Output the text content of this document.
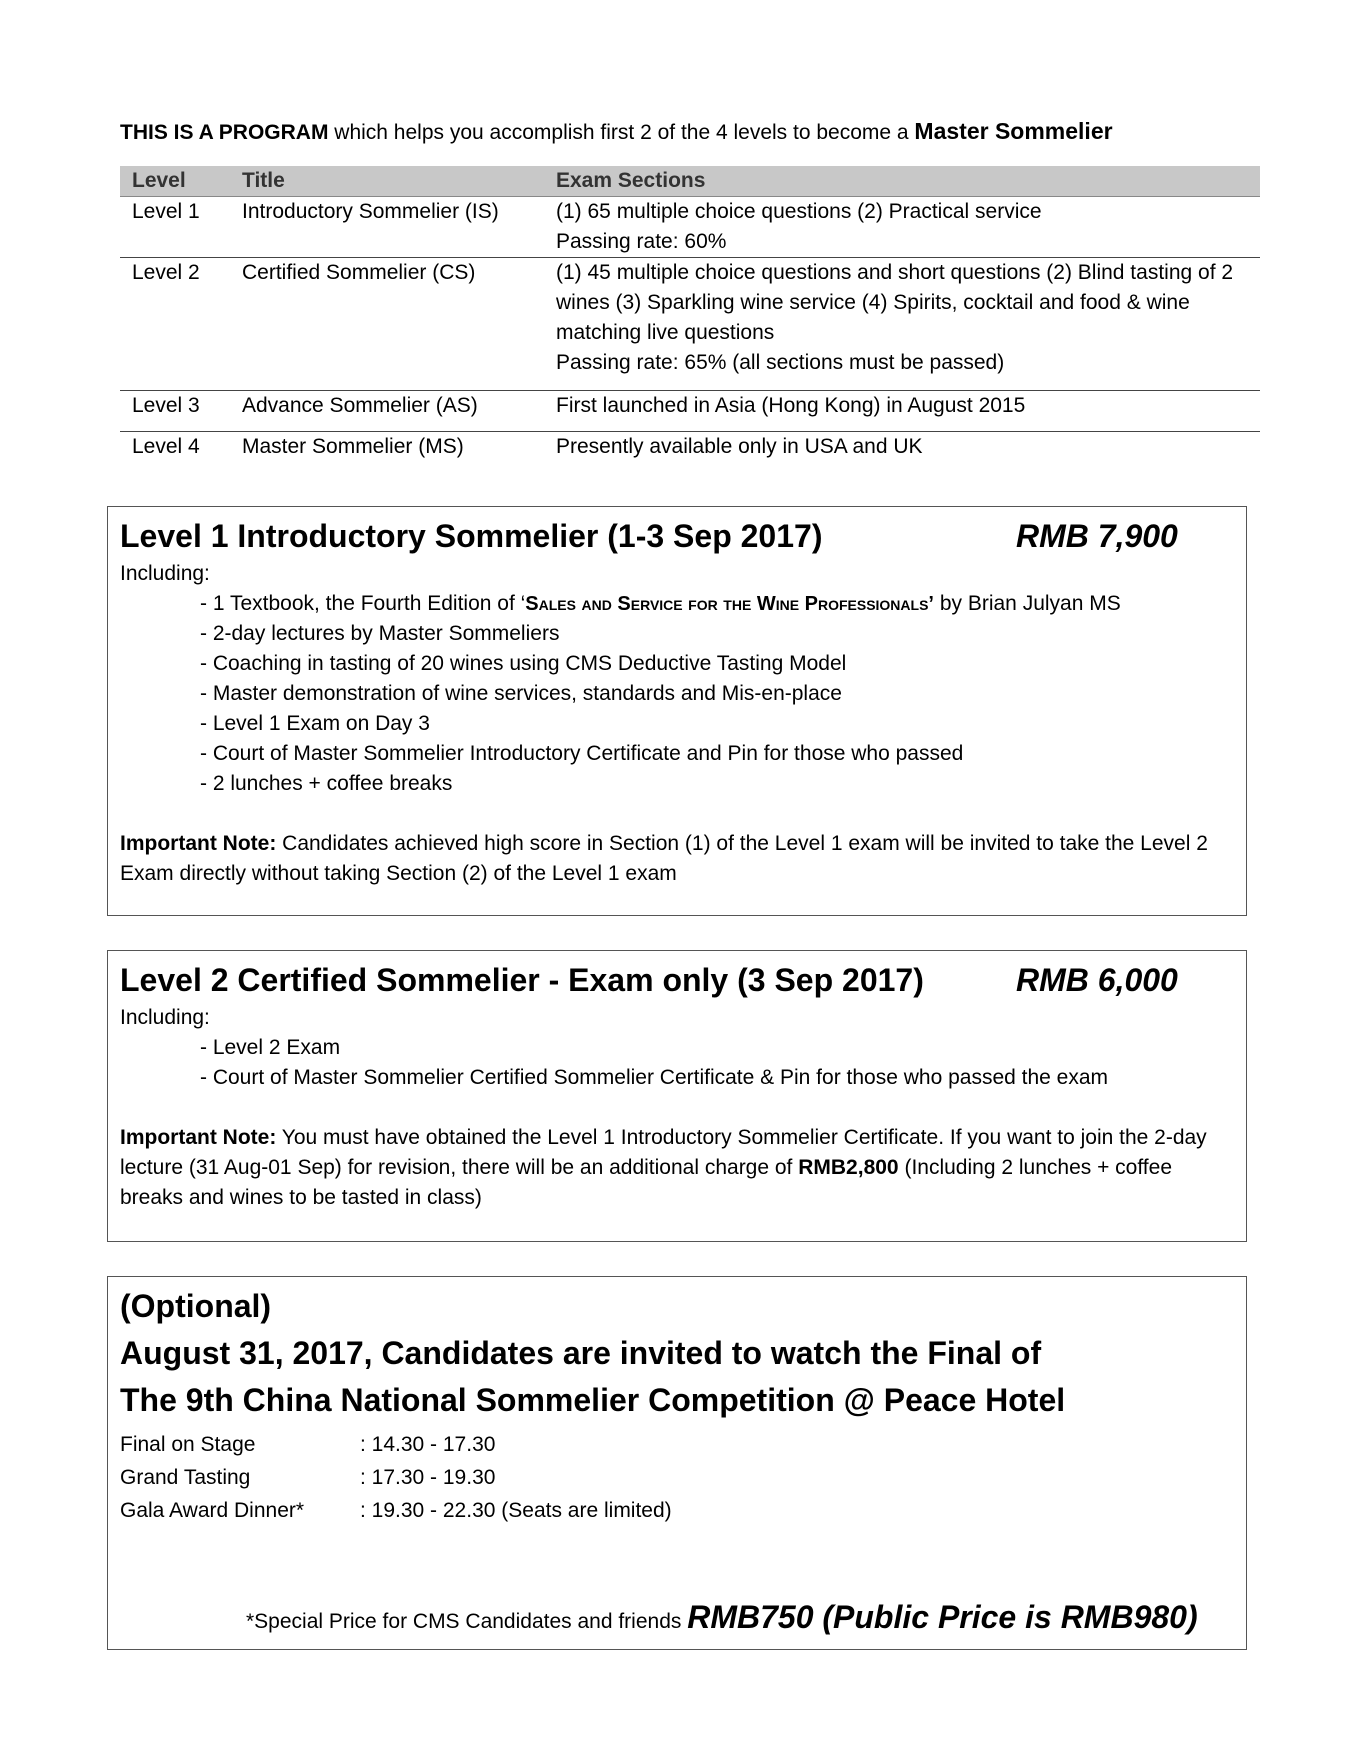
THIS IS A PROGRAM which helps you accomplish first 2 of the 4 levels to become a Master Sommelier
Level	Title	Exam Sections
Level 1	Introductory Sommelier (IS)	(1) 65 multiple choice questions (2) Practical service
Passing rate: 60%

Level 2	Certified Sommelier (CS)	(1) 45 multiple choice questions and short questions (2) Blind tasting of 2 wines (3) Sparkling wine service (4) Spirits, cocktail and food & wine matching live questions
Passing rate: 65% (all sections must be passed)

Level 3	Advance Sommelier (AS)	First launched in Asia (Hong Kong) in August 2015

Level 4	Master Sommelier (MS)	Presently available only in USA and UK
Level 1 Introductory Sommelier (1-3 Sep 2017)	RMB 7,900
Including:
- 1 Textbook, the Fourth Edition of ‘Sales and Service for the Wine Professionals’ by Brian Julyan MS
- 2-day lectures by Master Sommeliers
- Coaching in tasting of 20 wines using CMS Deductive Tasting Model
- Master demonstration of wine services, standards and Mis-en-place
- Level 1 Exam on Day 3
- Court of Master Sommelier Introductory Certificate and Pin for those who passed
- 2 lunches + coffee breaks
Important Note: Candidates achieved high score in Section (1) of the Level 1 exam will be invited to take the Level 2 Exam directly without taking Section (2) of the Level 1 exam
Level 2 Certified Sommelier - Exam only (3 Sep 2017)	RMB 6,000
Including:
- Level 2 Exam
- Court of Master Sommelier Certified Sommelier Certificate & Pin for those who passed the exam
Important Note: You must have obtained the Level 1 Introductory Sommelier Certificate. If you want to join the 2-day lecture (31 Aug-01 Sep) for revision, there will be an additional charge of RMB2,800 (Including 2 lunches + coffee breaks and wines to be tasted in class)
(Optional)
August 31, 2017, Candidates are invited to watch the Final of
The 9th China National Sommelier Competition @ Peace Hotel
Final on Stage	: 14.30 - 17.30
Grand Tasting	: 17.30 - 19.30
Gala Award Dinner*	: 19.30 - 22.30 (Seats are limited)
*Special Price for CMS Candidates and friends RMB750 (Public Price is RMB980)
